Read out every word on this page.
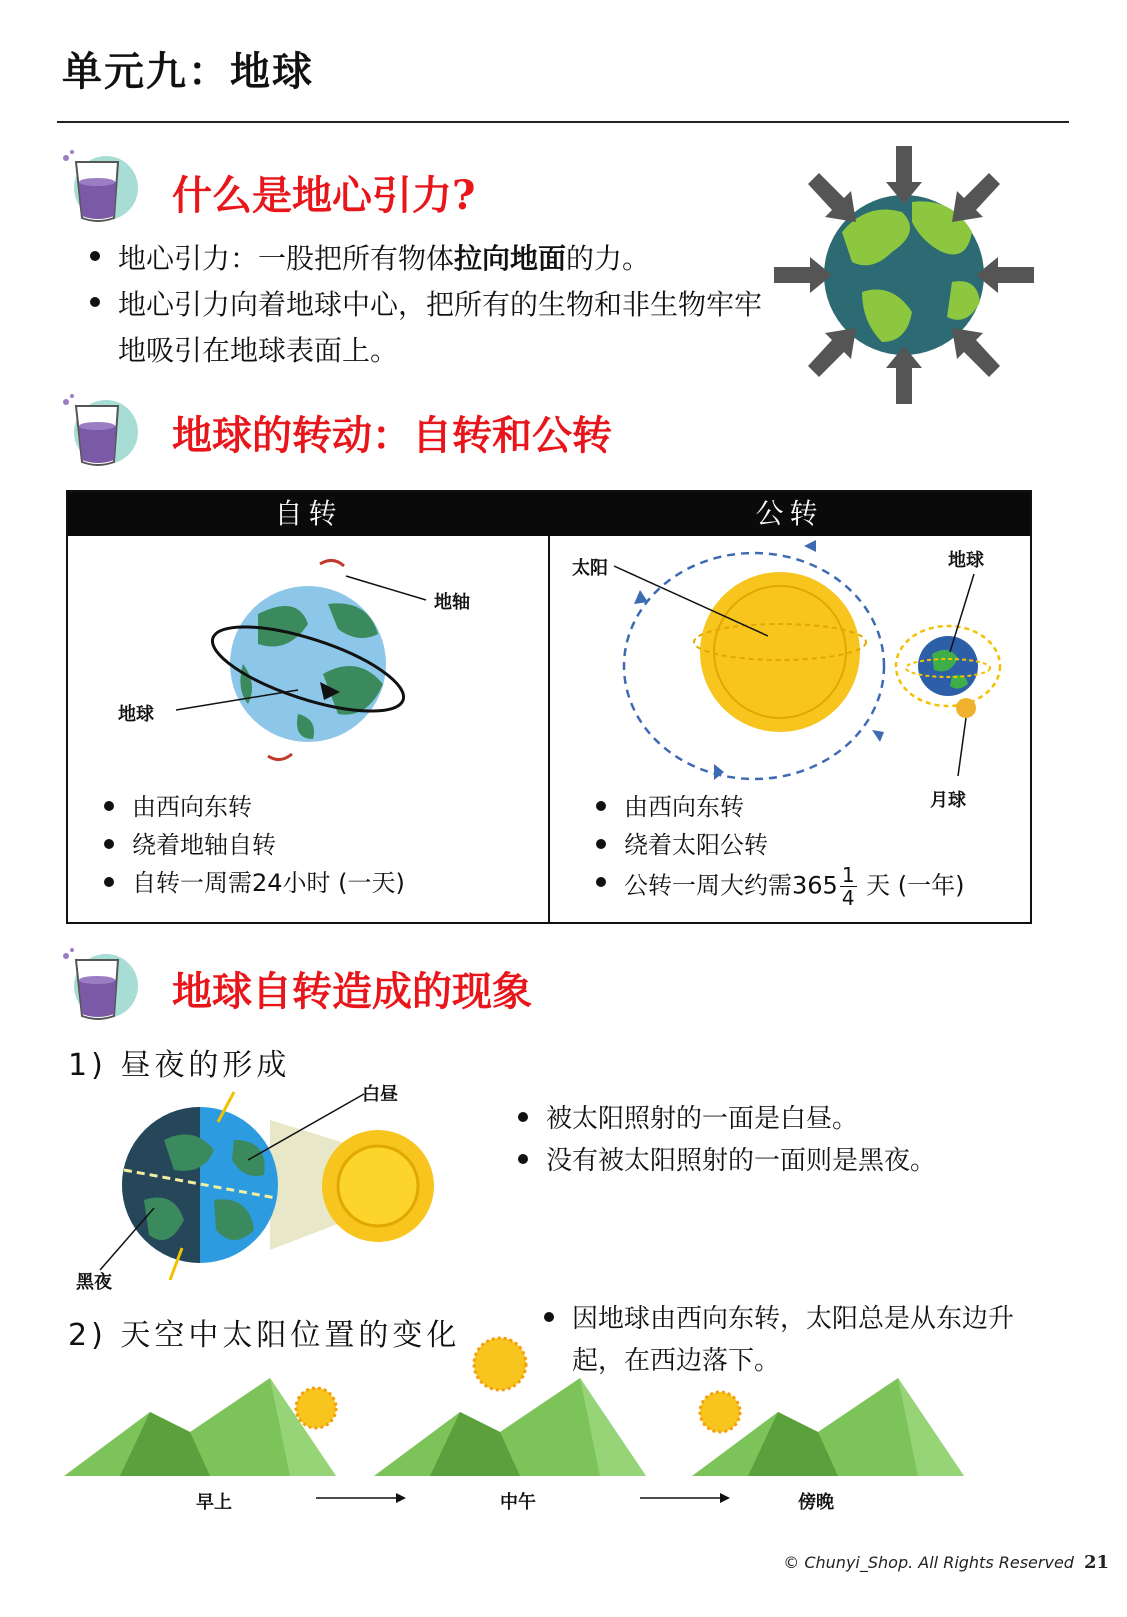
单元九：地球
什么是地心引力?
地心引力：一股把所有物体拉向地面的力。
地心引力向着地球中心，把所有的生物和非生物牢牢地吸引在地球表面上。
地球的转动：自转和公转
自转	公转
地轴
地球
由西向东转
绕着地轴自转
自转一周需24小时 (一天)
太阳	地球
月球
由西向东转
绕着太阳公转
公转一周大约需$365 \frac{1}{4}$ 天 (一年)
地球自转造成的现象
1) 昼夜的形成
白昼
黑夜
被太阳照射的一面是白昼。
没有被太阳照射的一面则是黑夜。
2) 天空中太阳位置的变化	因地球由西向东转，太阳总是从东边升起，在西边落下。
早上	中午	傍晚
© Chunyi_Shop. All Rights Reserved 21
